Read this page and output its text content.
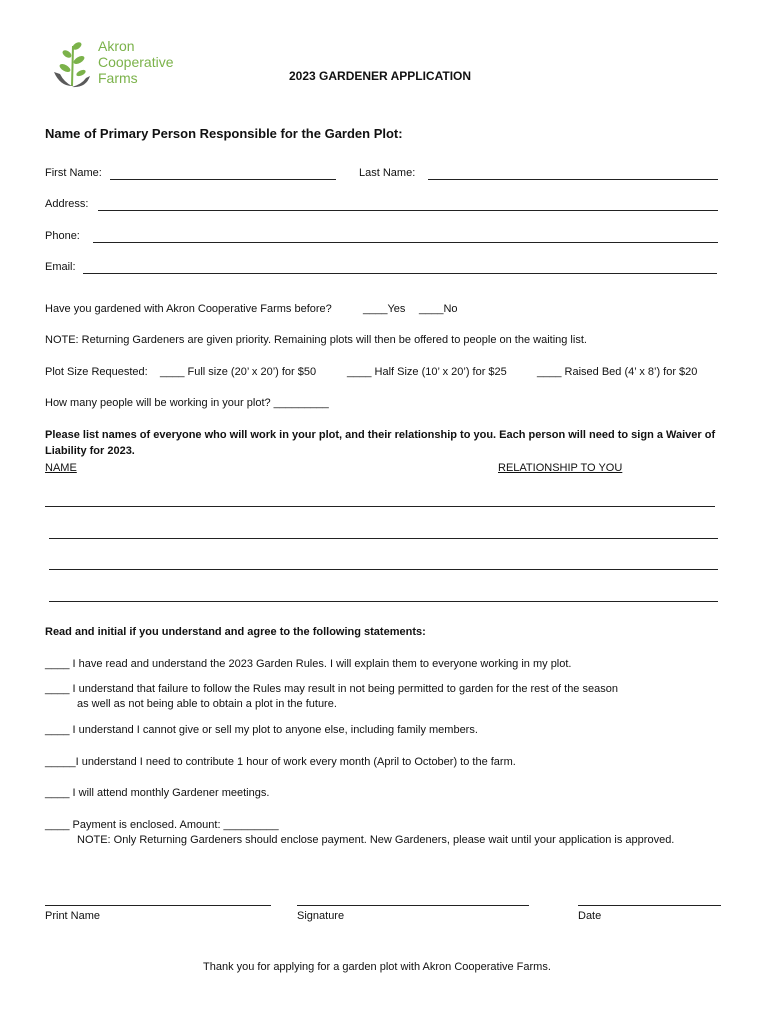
Akron
Cooperative
Farms	2023 GARDENER APPLICATION
Name of Primary Person Responsible for the Garden Plot:
First Name:	Last Name:
Address:
Phone:
Email:
Have you gardened with Akron Cooperative Farms before?	____Yes ____No
NOTE: Returning Gardeners are given priority. Remaining plots will then be offered to people on the waiting list.
Plot Size Requested: ____ Full size (20’ x 20’) for $50	____ Half Size (10’ x 20’) for $25	____ Raised Bed (4’ x 8’) for $20
How many people will be working in your plot? _________
Please list names of everyone who will work in your plot, and their relationship to you. Each person will need to sign a Waiver of
Liability for 2023.
NAME	RELATIONSHIP TO YOU
Read and initial if you understand and agree to the following statements:
____ I have read and understand the 2023 Garden Rules. I will explain them to everyone working in my plot.
____ I understand that failure to follow the Rules may result in not being permitted to garden for the rest of the season
as well as not being able to obtain a plot in the future.
____ I understand I cannot give or sell my plot to anyone else, including family members.
_____I understand I need to contribute 1 hour of work every month (April to October) to the farm.
____ I will attend monthly Gardener meetings.
____ Payment is enclosed. Amount: _________
NOTE: Only Returning Gardeners should enclose payment. New Gardeners, please wait until your application is approved.
Print Name	Signature	Date
Thank you for applying for a garden plot with Akron Cooperative Farms.
